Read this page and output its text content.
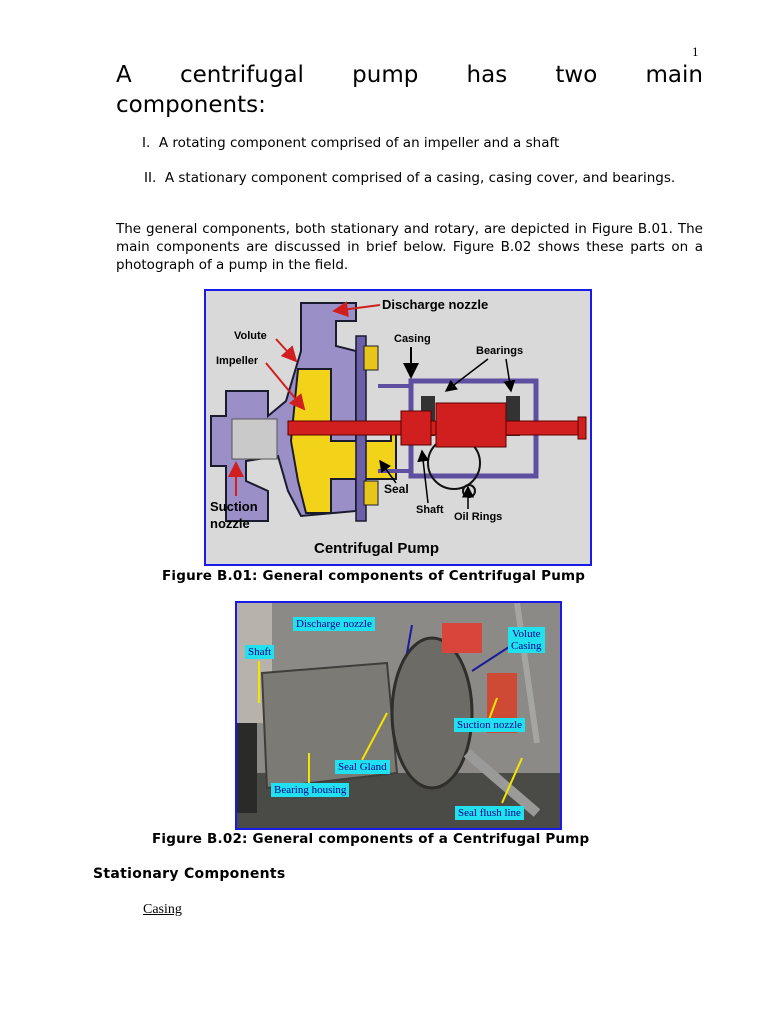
1
A centrifugal pump has two main
components:
I. A rotating component comprised of an impeller and a shaft
II. A stationary component comprised of a casing, casing cover, and bearings.
The general components, both stationary and rotary, are depicted in Figure B.01. The main components are discussed in brief below. Figure B.02 shows these parts on a photograph of a pump in the field.
Centrifugal Pump
Discharge nozzle
Volute
Impeller
Casing
Bearings
Suction
nozzle
Seal
Shaft
Oil Rings
Figure B.01: General components of Centrifugal Pump
Discharge nozzle
Shaft
Volute
Casing
Suction nozzle
Seal Gland
Bearing housing
Seal flush line
Figure B.02: General components of a Centrifugal Pump
Stationary Components
Casing
